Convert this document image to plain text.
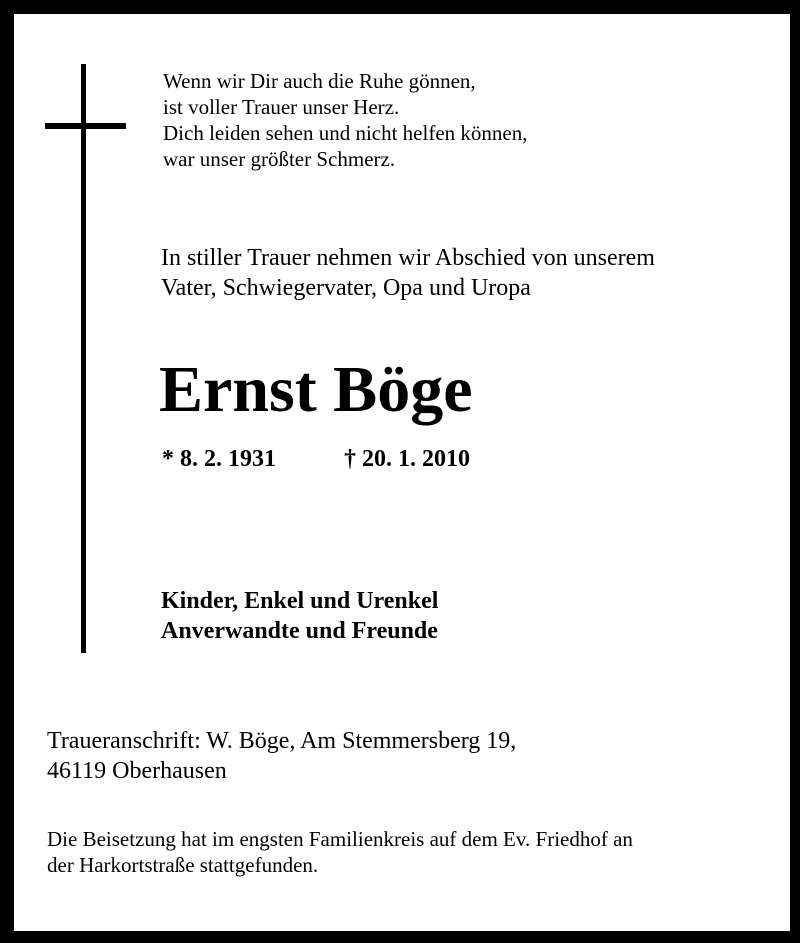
Wenn wir Dir auch die Ruhe gönnen,
ist voller Trauer unser Herz.
Dich leiden sehen und nicht helfen können,
war unser größter Schmerz.

In stiller Trauer nehmen wir Abschied von unserem
Vater, Schwiegervater, Opa und Uropa

Ernst Böge
* 8. 2. 1931	† 20. 1. 2010

Kinder, Enkel und Urenkel
Anverwandte und Freunde

Traueranschrift: W. Böge, Am Stemmersberg 19,
46119 Oberhausen

Die Beisetzung hat im engsten Familienkreis auf dem Ev. Friedhof an
der Harkortstraße stattgefunden.
